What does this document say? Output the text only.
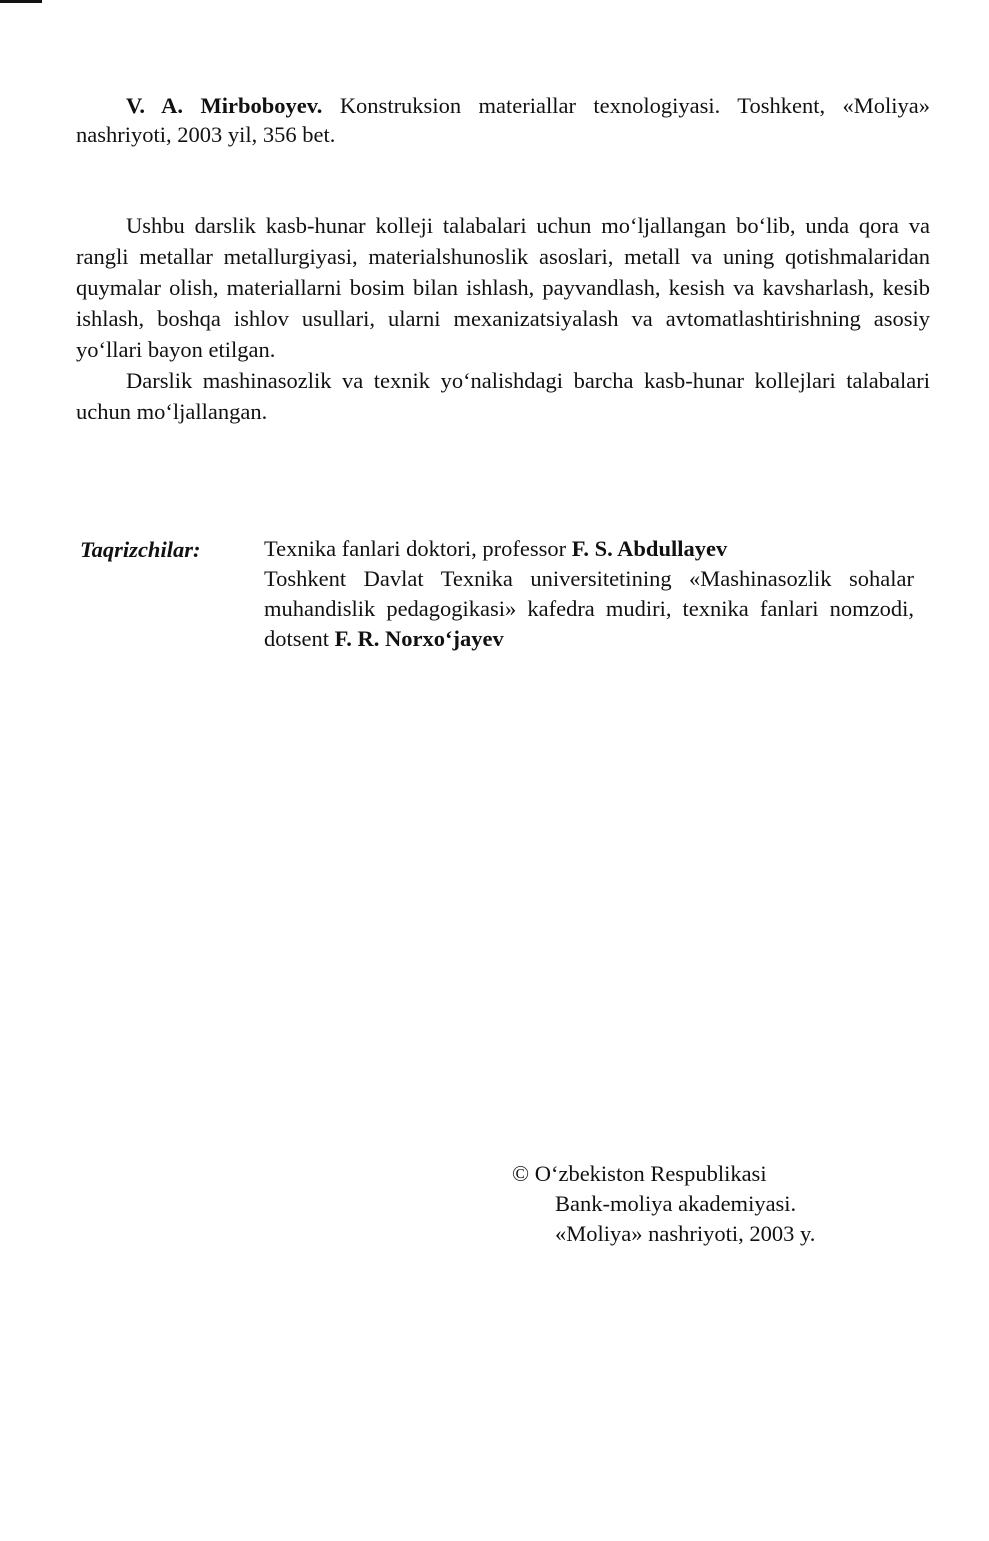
V. A. Mirboboyev. Konstruksion materiallar texnologiyasi. Toshkent, «Moliya» nashriyoti, 2003 yil, 356 bet.

Ushbu darslik kasb-hunar kolleji talabalari uchun mo‘ljallangan bo‘lib, unda qora va rangli metallar metallurgiyasi, materialshunoslik asoslari, metall va uning qotishmalaridan quymalar olish, materiallarni bosim bilan ishlash, payvandlash, kesish va kavsharlash, kesib ishlash, boshqa ishlov usullari, ularni mexanizatsiyalash va avtomatlashtirishning asosiy yo‘llari bayon etilgan.

Darslik mashinasozlik va texnik yo‘nalishdagi barcha kasb-hunar kollejlari talabalari uchun mo‘ljallangan.

Taqrizchilar:	Texnika fanlari doktori, professor F. S. Abdullayev

Toshkent Davlat Texnika universitetining «Mashinasozlik sohalar muhandislik pedagogikasi» kafedra mudiri, texnika fanlari nomzodi, dotsent F. R. Norxo‘jayev

© O‘zbekiston Respublikasi
Bank-moliya akademiyasi.
«Moliya» nashriyoti, 2003 y.
